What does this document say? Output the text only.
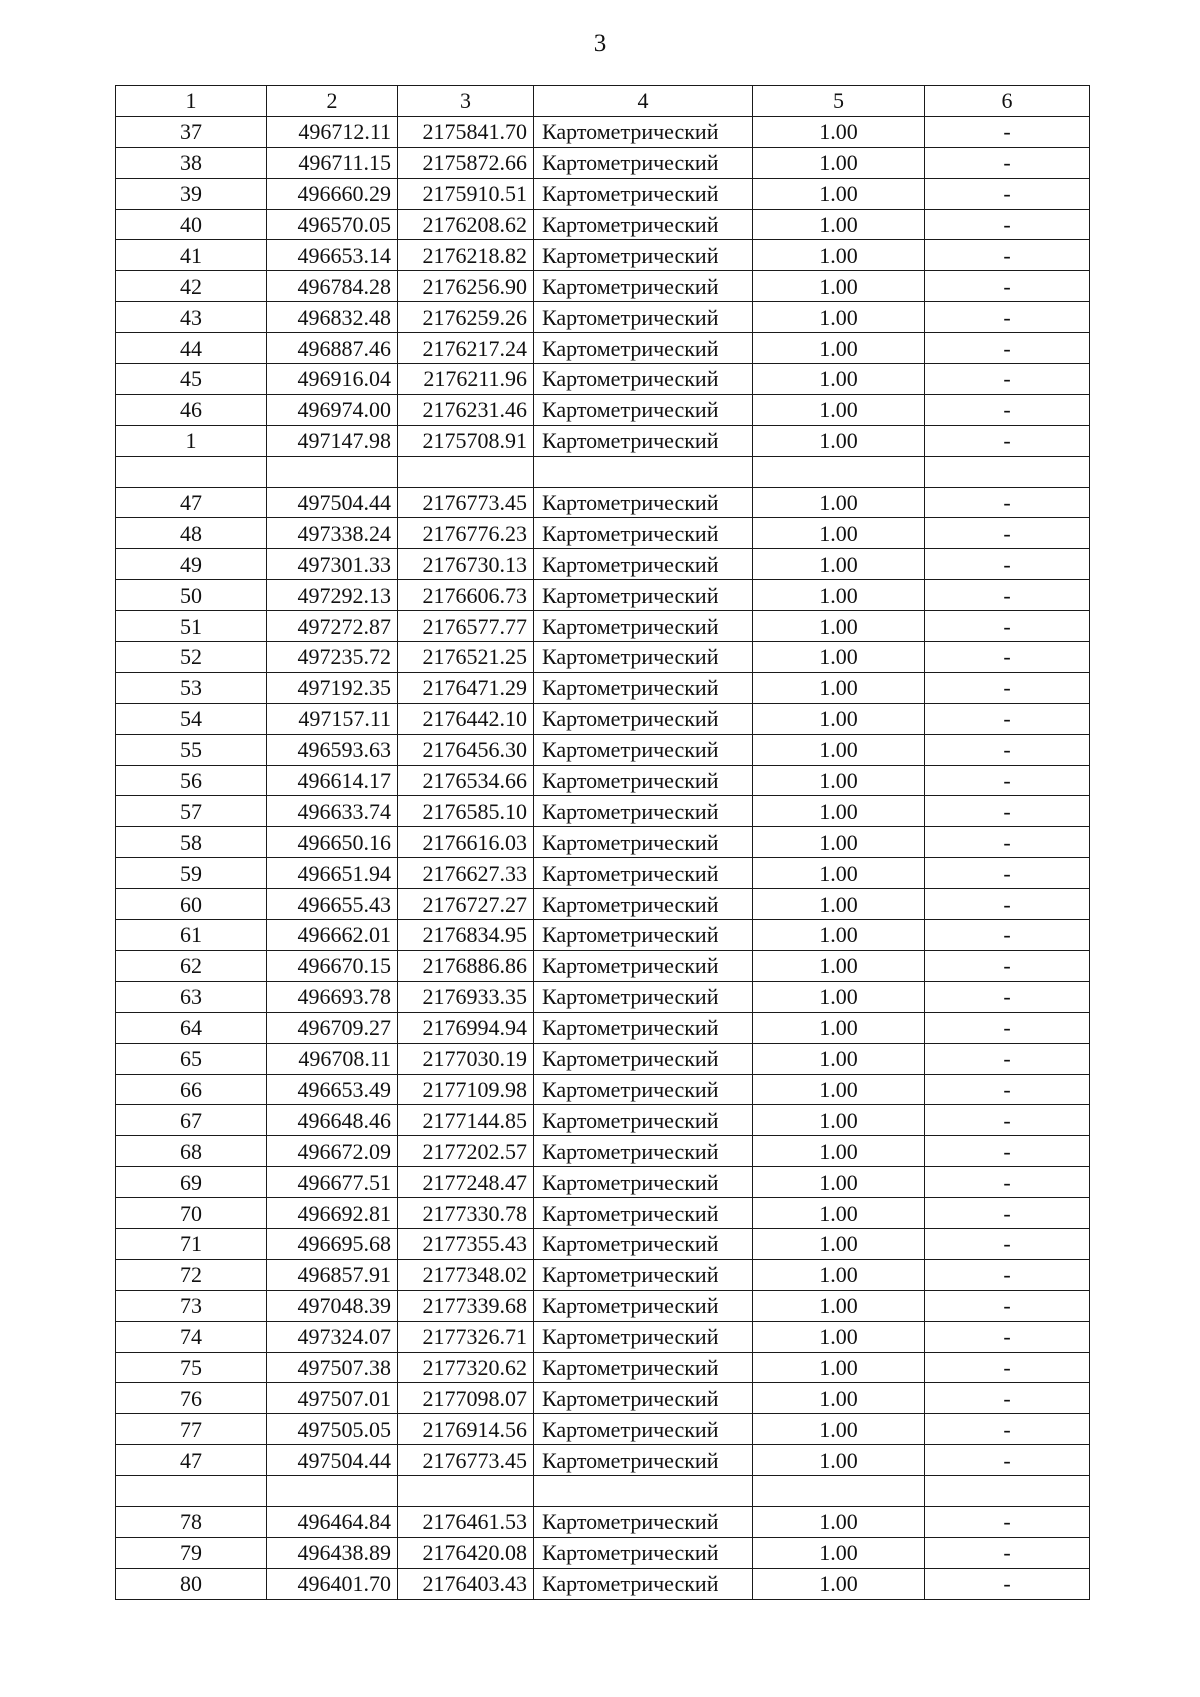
3
1	2	3	4	5	6
37	496712.11	2175841.70	Картометрический	1.00	-
38	496711.15	2175872.66	Картометрический	1.00	-
39	496660.29	2175910.51	Картометрический	1.00	-
40	496570.05	2176208.62	Картометрический	1.00	-
41	496653.14	2176218.82	Картометрический	1.00	-
42	496784.28	2176256.90	Картометрический	1.00	-
43	496832.48	2176259.26	Картометрический	1.00	-
44	496887.46	2176217.24	Картометрический	1.00	-
45	496916.04	2176211.96	Картометрический	1.00	-
46	496974.00	2176231.46	Картометрический	1.00	-
1	497147.98	2175708.91	Картометрический	1.00	-

47	497504.44	2176773.45	Картометрический	1.00	-
48	497338.24	2176776.23	Картометрический	1.00	-
49	497301.33	2176730.13	Картометрический	1.00	-
50	497292.13	2176606.73	Картометрический	1.00	-
51	497272.87	2176577.77	Картометрический	1.00	-
52	497235.72	2176521.25	Картометрический	1.00	-
53	497192.35	2176471.29	Картометрический	1.00	-
54	497157.11	2176442.10	Картометрический	1.00	-
55	496593.63	2176456.30	Картометрический	1.00	-
56	496614.17	2176534.66	Картометрический	1.00	-
57	496633.74	2176585.10	Картометрический	1.00	-
58	496650.16	2176616.03	Картометрический	1.00	-
59	496651.94	2176627.33	Картометрический	1.00	-
60	496655.43	2176727.27	Картометрический	1.00	-
61	496662.01	2176834.95	Картометрический	1.00	-
62	496670.15	2176886.86	Картометрический	1.00	-
63	496693.78	2176933.35	Картометрический	1.00	-
64	496709.27	2176994.94	Картометрический	1.00	-
65	496708.11	2177030.19	Картометрический	1.00	-
66	496653.49	2177109.98	Картометрический	1.00	-
67	496648.46	2177144.85	Картометрический	1.00	-
68	496672.09	2177202.57	Картометрический	1.00	-
69	496677.51	2177248.47	Картометрический	1.00	-
70	496692.81	2177330.78	Картометрический	1.00	-
71	496695.68	2177355.43	Картометрический	1.00	-
72	496857.91	2177348.02	Картометрический	1.00	-
73	497048.39	2177339.68	Картометрический	1.00	-
74	497324.07	2177326.71	Картометрический	1.00	-
75	497507.38	2177320.62	Картометрический	1.00	-
76	497507.01	2177098.07	Картометрический	1.00	-
77	497505.05	2176914.56	Картометрический	1.00	-
47	497504.44	2176773.45	Картометрический	1.00	-

78	496464.84	2176461.53	Картометрический	1.00	-
79	496438.89	2176420.08	Картометрический	1.00	-
80	496401.70	2176403.43	Картометрический	1.00	-
